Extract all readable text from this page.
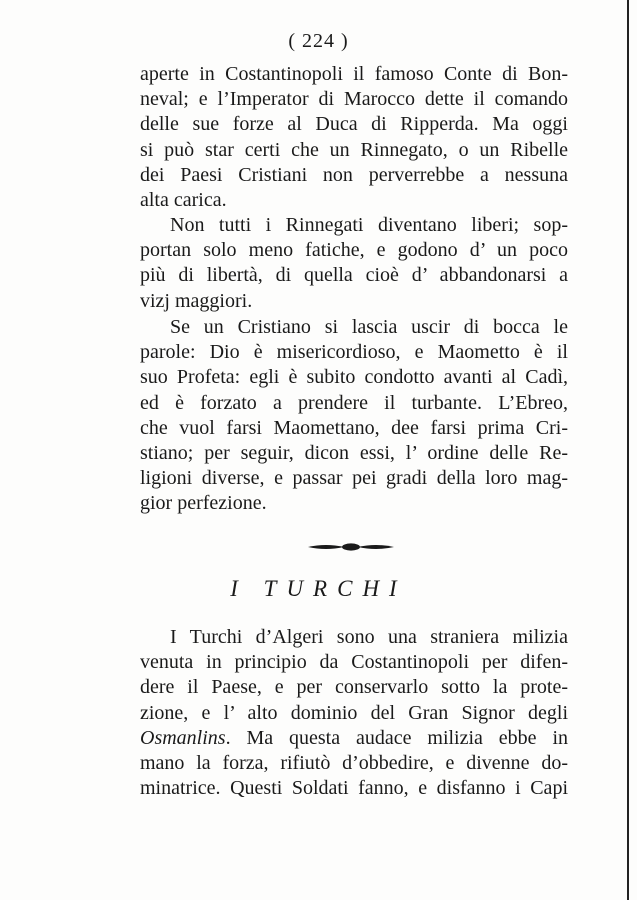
( 224 )
aperte in Costantinopoli il famoso Conte di Bon-
neval; e l’Imperator di Marocco dette il comando
delle sue forze al Duca di Ripperda. Ma oggi
si può star certi che un Rinnegato, o un Ribelle
dei Paesi Cristiani non perverrebbe a nessuna
alta carica.
Non tutti i Rinnegati diventano liberi; sop-
portan solo meno fatiche, e godono d’ un poco
più di libertà, di quella cioè d’ abbandonarsi a
vizj maggiori.
Se un Cristiano si lascia uscir di bocca le
parole: Dio è misericordioso, e Maometto è il
suo Profeta: egli è subito condotto avanti al Cadì,
ed è forzato a prendere il turbante. L’Ebreo,
che vuol farsi Maomettano, dee farsi prima Cri-
stiano; per seguir, dicon essi, l’ ordine delle Re-
ligioni diverse, e passar pei gradi della loro mag-
gior perfezione.
I TURCHI
I Turchi d’Algeri sono una straniera milizia
venuta in principio da Costantinopoli per difen-
dere il Paese, e per conservarlo sotto la prote-
zione, e l’ alto dominio del Gran Signor degli
Osmanlins. Ma questa audace milizia ebbe in
mano la forza, rifiutò d’obbedire, e divenne do-
minatrice. Questi Soldati fanno, e disfanno i Capi
